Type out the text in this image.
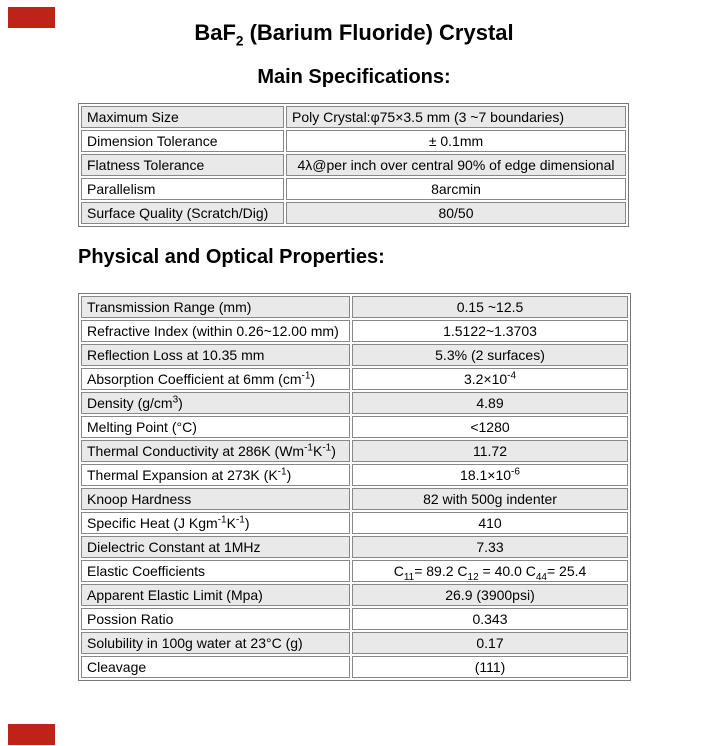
BaF$_2$ (Barium Fluoride) Crystal
Main Specifications:
Maximum Size	Poly Crystal:φ75×3.5 mm (3 ~7 boundaries)
Dimension Tolerance	± 0.1mm
Flatness Tolerance	4λ@per inch over central 90% of edge dimensional
Parallelism	8arcmin
Surface Quality (Scratch/Dig)	80/50
Physical and Optical Properties:
Transmission Range (mm)	0.15 ~12.5
Refractive Index (within 0.26~12.00 mm)	1.5122~1.3703
Reflection Loss at 10.35 mm	5.3% (2 surfaces)
Absorption Coefficient at 6mm $(cm^{-1})$	$3.2\times 10^{-4}$
Density $(g/cm^3)$	4.89
Melting Point (°C)	<1280
Thermal Conductivity at 286K $(Wm^{-1}K^{-1})$	11.72
Thermal Expansion at 273K $(K^{-1})$	$18.1\times 10^{-6}$
Knoop Hardness	82 with 500g indenter
Specific Heat (J $Kgm^{-1}K^{-1}$)	410
Dielectric Constant at 1MHz	7.33
Elastic Coefficients	$C_{11}= 89.2$ $C_{12} = 40.0$ $C_{44}= 25.4$
Apparent Elastic Limit (Mpa)	26.9 (3900psi)
Possion Ratio	0.343
Solubility in 100g water at 23°C (g)	0.17
Cleavage	(111)
